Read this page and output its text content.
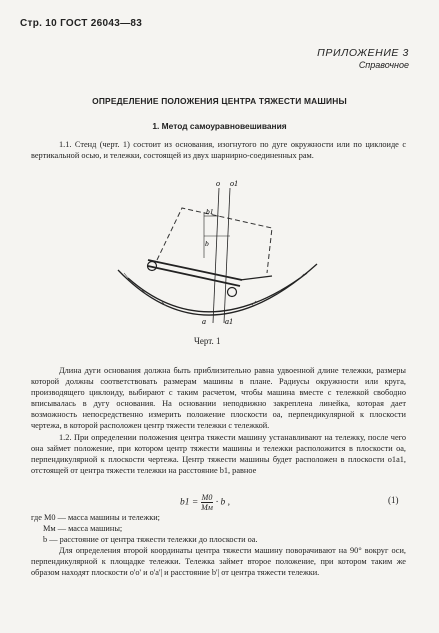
Стр. 10 ГОСТ 26043—83
ПРИЛОЖЕНИЕ 3
Справочное
ОПРЕДЕЛЕНИЕ ПОЛОЖЕНИЯ ЦЕНТРА ТЯЖЕСТИ МАШИНЫ
1. Метод самоуравновешивания
1.1. Стенд (черт. 1) состоит из основания, изогнутого по дуге окружности или по циклоиде с вертикальной осью, и тележки, состоящей из двух шарнирно-соединенных рам.
o o1
b1
b
a a1
Черт. 1
Длина дуги основания должна быть приблизительно равна удвоенной длине тележки, размеры которой должны соответствовать размерам машины в плане. Радиусы окружности или круга, производящего циклоиду, выбирают с таким расчетом, чтобы машина вместе с тележкой свободно вписывалась в дугу основания. На основании неподвижно закреплена линейка, которая дает возможность непосредственно измерить положение плоскости оа, перпендикулярной к плоскости чертежа, в которой расположен центр тяжести тележки с тележкой.
1.2. При определении положения центра тяжести машину устанавливают на тележку, после чего она займет положение, при котором центр тяжести машины и тележки расположится в плоскости оа, перпендикулярной к плоскости чертежа. Центр тяжести машины будет расположен в плоскости о1а1, отстоящей от центра тяжести тележки на расстояние b1, равное
$b1 = \frac{M0}{Mм} \cdot b$ ,	(1)
где M0 — масса машины и тележки;
Mм — масса машины;
b — расстояние от центра тяжести тележки до плоскости оа.
Для определения второй координаты центра тяжести машину поворачивают на 90° вокруг оси, перпендикулярной к площадке тележки. Тележка займет второе положение, при котором таким же образом находят плоскости о'о' и о'а'| и расстояние b'| от центра тяжести тележки.
